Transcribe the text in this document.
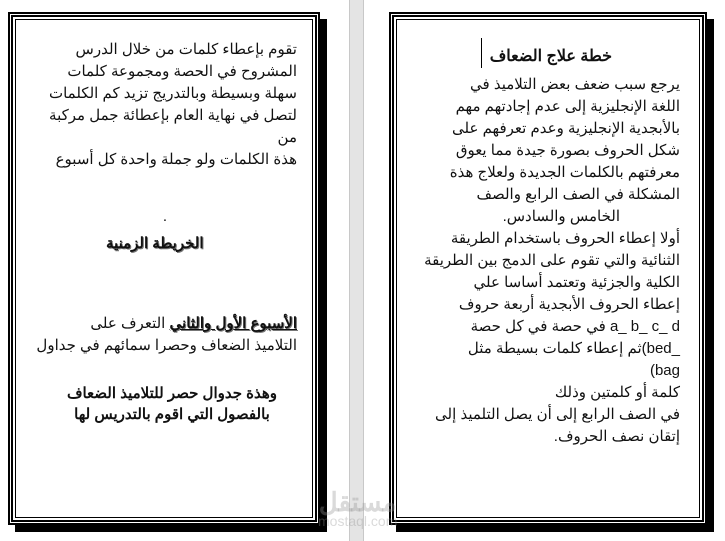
خطة علاج الضعاف
يرجع سبب ضعف بعض التلاميذ في
اللغة الإنجليزية إلى عدم إجادتهم مهم
بالأبجدية الإنجليزية وعدم تعرفهم على
شكل الحروف بصورة جيدة مما يعوق
معرفتهم بالكلمات الجديدة ولعلاج هذة
المشكلة في الصف الرابع والصف
الخامس والسادس.
أولا إعطاء الحروف باستخدام الطريقة
الثنائية والتي تقوم على الدمج بين الطريقة
الكلية والجزئية وتعتمد أساسا علي
إعطاء الحروف الأبجدية أربعة حروف
a_ b_ c_ d في حصة في كل حصة
_bed)ثم إعطاء كلمات بسيطة مثل
bag)
كلمة أو كلمتين وذلك
في الصف الرابع إلى أن يصل التلميذ إلى
إتقان نصف الحروف.
تقوم بإعطاء كلمات من خلال الدرس
المشروح في الحصة ومجموعة كلمات
سهلة وبسيطة وبالتدريج تزيد كم الكلمات
لتصل في نهاية العام بإعطائة جمل مركبة
من
هذة الكلمات ولو جملة واحدة كل أسبوع
.
الخريطة الزمنية
الأسبوع الأول والثاني التعرف على
التلاميذ الضعاف وحصرا سمائهم في جداول
وهذة جدوال حصر للتلاميذ الضعاف
بالفصول التي اقوم بالتدريس لها
مستقل
mostaql.com
